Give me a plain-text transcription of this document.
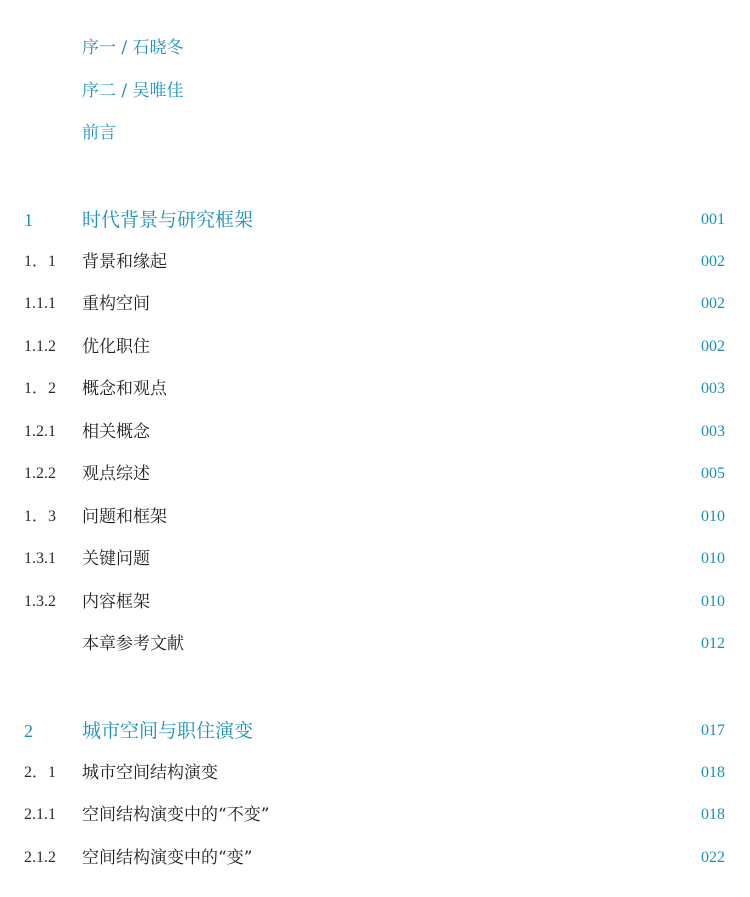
序一 / 石晓冬
序二 / 吴唯佳
前言
1	时代背景与研究框架	001
1．1 背景和缘起	002
1.1.1 重构空间	002
1.1.2 优化职住	002
1．2 概念和观点	003
1.2.1 相关概念	003
1.2.2 观点综述	005
1．3 问题和框架	010
1.3.1 关键问题	010
1.3.2 内容框架	010
本章参考文献	012
2	城市空间与职住演变	017
2．1 城市空间结构演变	018
2.1.1 空间结构演变中的“不变”	018
2.1.2 空间结构演变中的“变”	022
